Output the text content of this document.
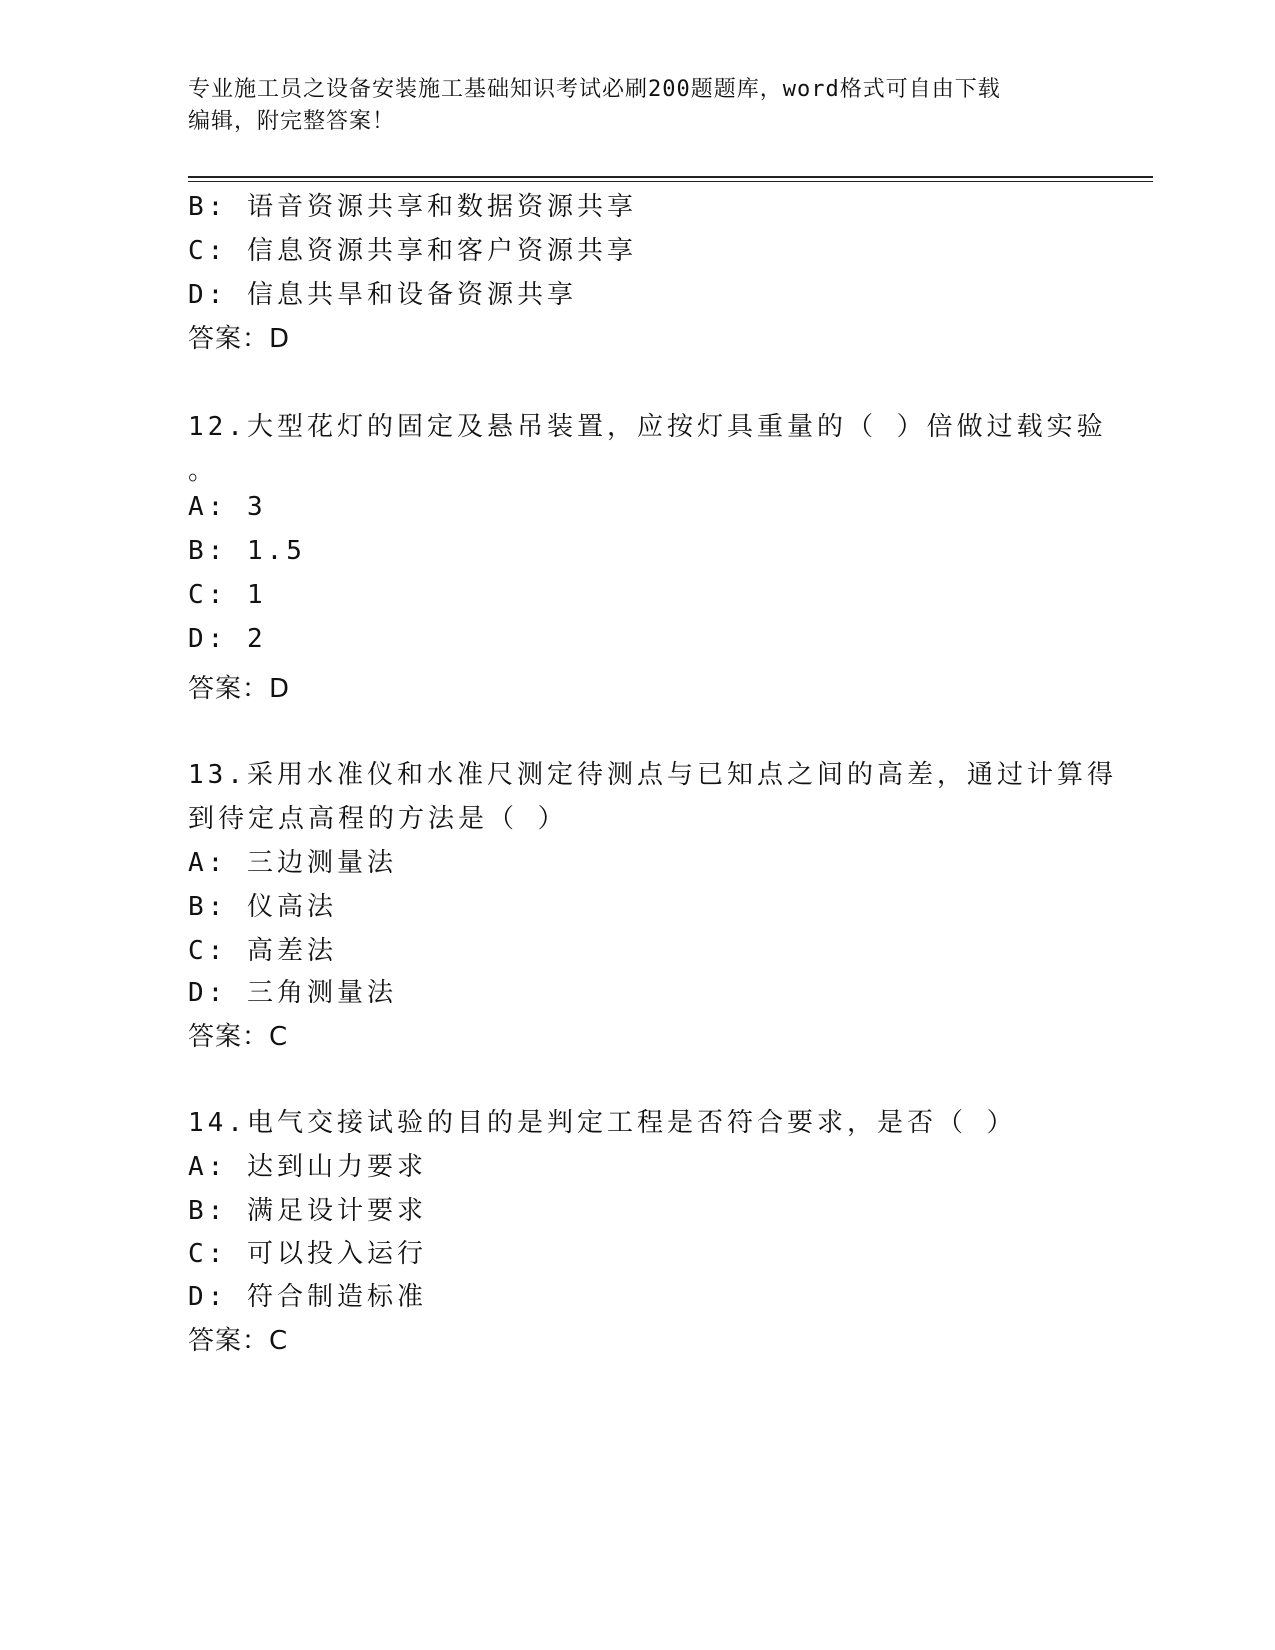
专业施工员之设备安装施工基础知识考试必刷200题题库，word格式可自由下载
编辑，附完整答案！
B: 语音资源共享和数据资源共享
C: 信息资源共享和客户资源共享
D: 信息共旱和设备资源共享
答案：D
12.大型花灯的固定及悬吊装置，应按灯具重量的（ ）倍做过载实验
。
A: 3
B: 1.5
C: 1
D: 2
答案：D
13.采用水准仪和水准尺测定待测点与已知点之间的高差，通过计算得
到待定点高程的方法是（ ）
A: 三边测量法
B: 仪高法
C: 高差法
D: 三角测量法
答案：C
14.电气交接试验的目的是判定工程是否符合要求，是否（ ）
A: 达到山力要求
B: 满足设计要求
C: 可以投入运行
D: 符合制造标准
答案：C
